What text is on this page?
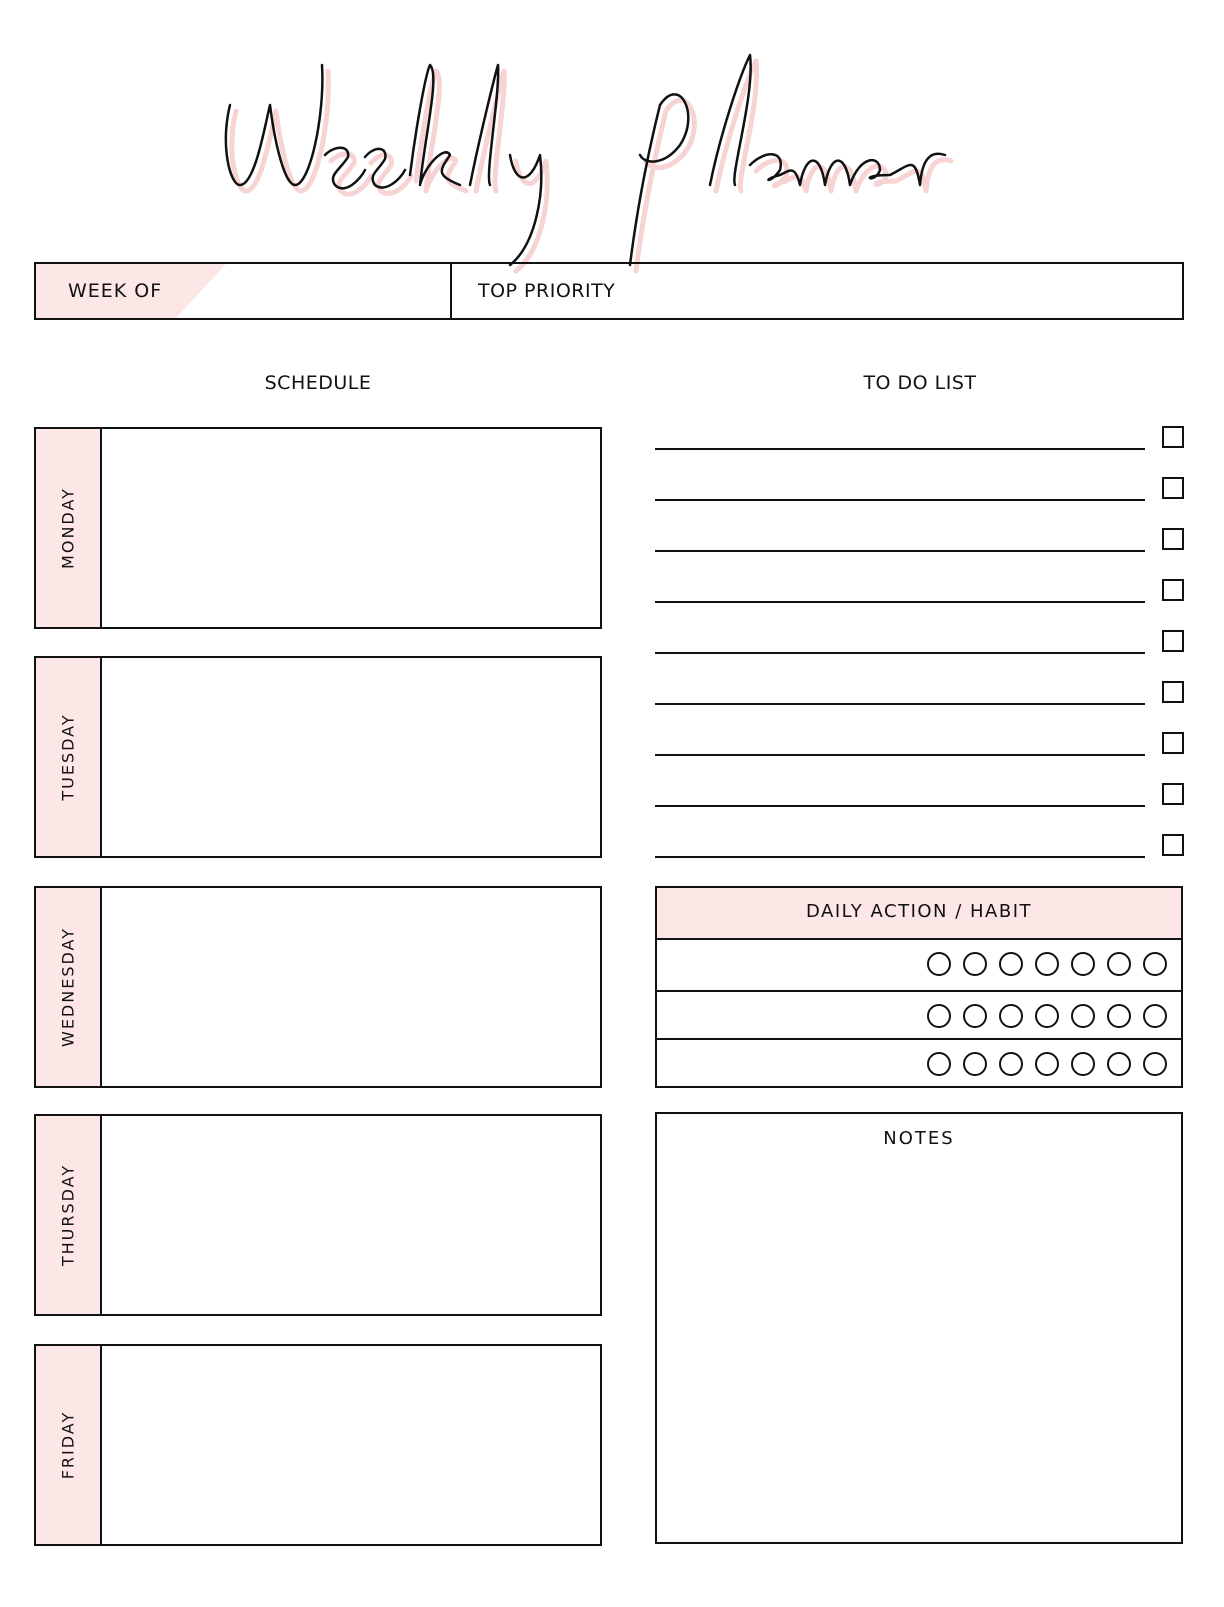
WEEK OF	TOP PRIORITY
SCHEDULE	TO DO LIST
MONDAY
TUESDAY
WEDNESDAY
THURSDAY
FRIDAY
DAILY ACTION / HABIT
NOTES
